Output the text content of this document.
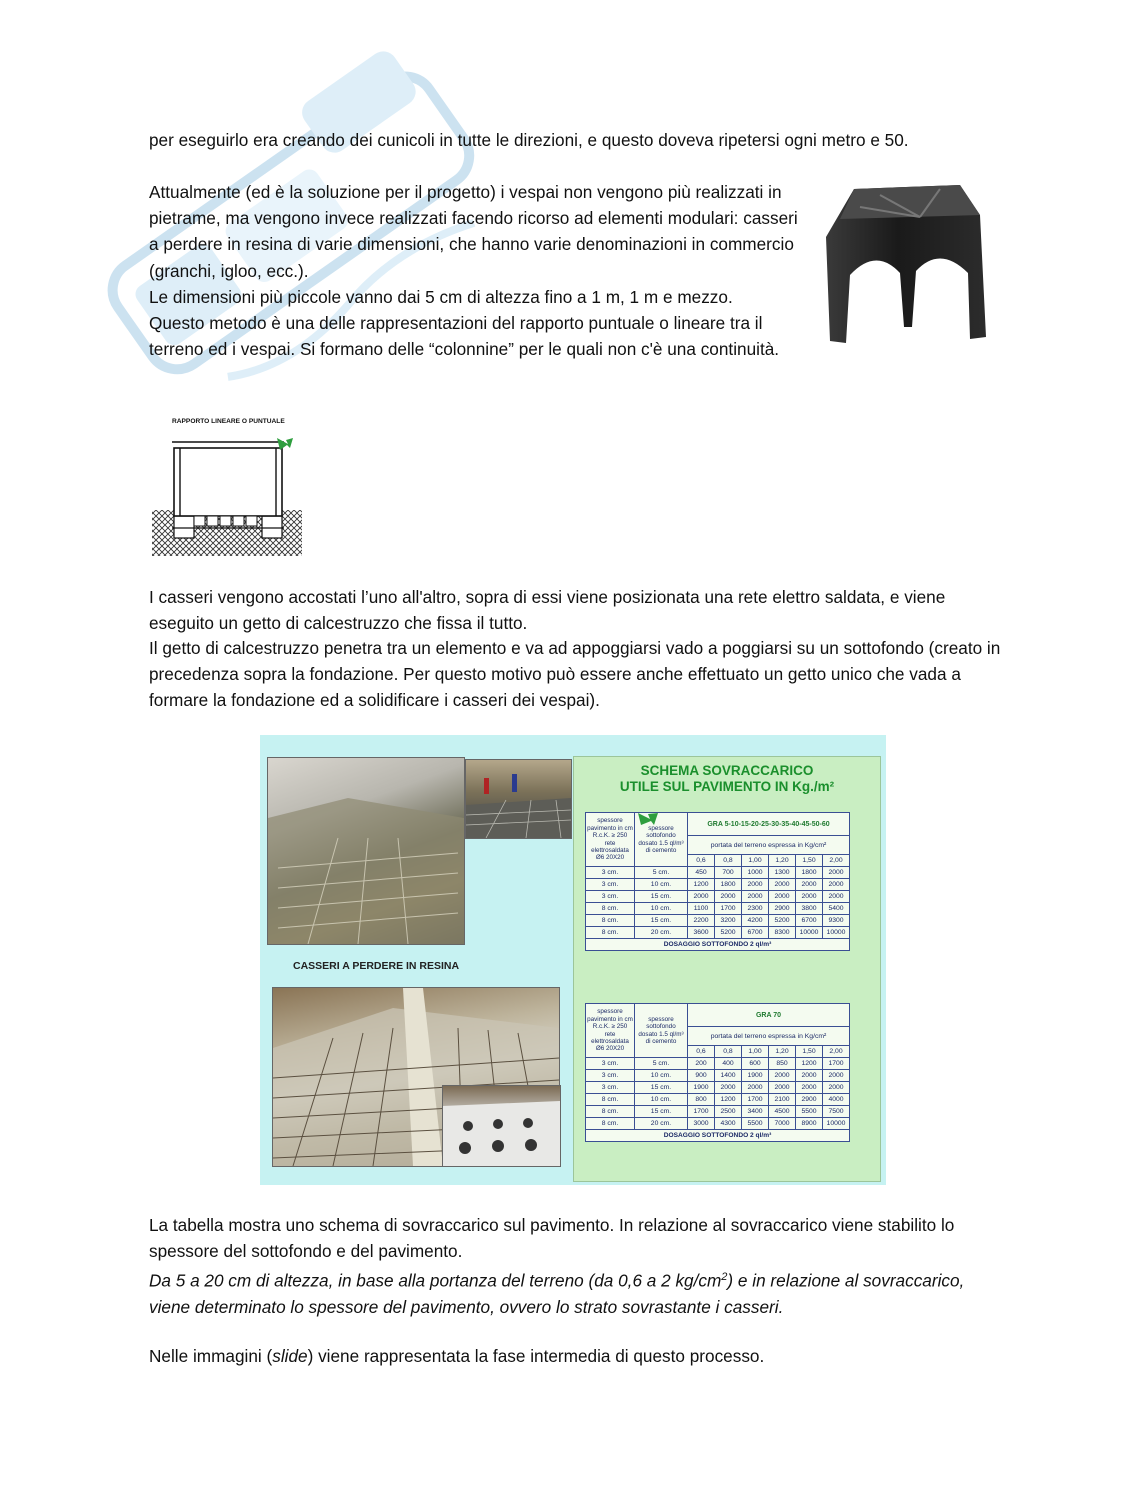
per eseguirlo era creando dei cunicoli in tutte le direzioni, e questo doveva ripetersi ogni metro e 50.

Attualmente (ed è la soluzione per il progetto) i vespai non vengono più realizzati in pietrame, ma vengono invece realizzati facendo ricorso ad elementi modulari: casseri a perdere in resina di varie dimensioni, che hanno varie denominazioni in commercio (granchi, igloo, ecc.).

Le dimensioni più piccole vanno dai 5 cm di altezza fino a 1 m, 1 m e mezzo.

Questo metodo è una delle rappresentazioni del rapporto puntuale o lineare tra il terreno ed i vespai. Si formano delle “colonnine” per le quali non c'è una continuità.

RAPPORTO LINEARE O PUNTUALE

I casseri vengono accostati l’uno all'altro, sopra di essi viene posizionata una rete elettro saldata, e viene eseguito un getto di calcestruzzo che fissa il tutto.

Il getto di calcestruzzo penetra tra un elemento e va ad appoggiarsi vado a poggiarsi su un sottofondo (creato in precedenza sopra la fondazione. Per questo motivo può essere anche effettuato un getto unico che vada a formare la fondazione ed a solidificare i casseri dei vespai).

CASSERI A PERDERE IN RESINA
SCHEMA SOVRACCARICO
UTILE SUL PAVIMENTO IN Kg./m²
spessore pavimento in cm R.c.K. ≥ 250 rete elettrosaldata Ø6 20X20	spessore sottofondo dosato 1.5 ql/m³ di cemento	GRA 5-10-15-20-25-30-35-40-45-50-60					
		portata del terreno espressa in Kg/cm²					
		0,6	0,8	1,00	1,20	1,50	2,00
3 cm.	5 cm.	450	700	1000	1300	1800	2000
3 cm.	10 cm.	1200	1800	2000	2000	2000	2000
3 cm.	15 cm.	2000	2000	2000	2000	2000	2000
8 cm.	10 cm.	1100	1700	2300	2900	3800	5400
8 cm.	15 cm.	2200	3200	4200	5200	6700	9300
8 cm.	20 cm.	3600	5200	6700	8300	10000	10000
DOSAGGIO SOTTOFONDO 2 ql/m³							
spessore pavimento in cm R.c.K. ≥ 250 rete elettrosaldata Ø6 20X20	spessore sottofondo dosato 1.5 ql/m³ di cemento	GRA 70					
		portata del terreno espressa in Kg/cm²					
		0,6	0,8	1,00	1,20	1,50	2,00
3 cm.	5 cm.	200	400	600	850	1200	1700
3 cm.	10 cm.	900	1400	1900	2000	2000	2000
3 cm.	15 cm.	1900	2000	2000	2000	2000	2000
8 cm.	10 cm.	800	1200	1700	2100	2900	4000
8 cm.	15 cm.	1700	2500	3400	4500	5500	7500
8 cm.	20 cm.	3000	4300	5500	7000	8900	10000
DOSAGGIO SOTTOFONDO 2 ql/m³							

La tabella mostra uno schema di sovraccarico sul pavimento. In relazione al sovraccarico viene stabilito lo spessore del sottofondo e del pavimento.

Da 5 a 20 cm di altezza, in base alla portanza del terreno (da 0,6 a 2 $kg/cm^2$) e in relazione al sovraccarico, viene determinato lo spessore del pavimento, ovvero lo strato sovrastante i casseri.

Nelle immagini (slide) viene rappresentata la fase intermedia di questo processo.
